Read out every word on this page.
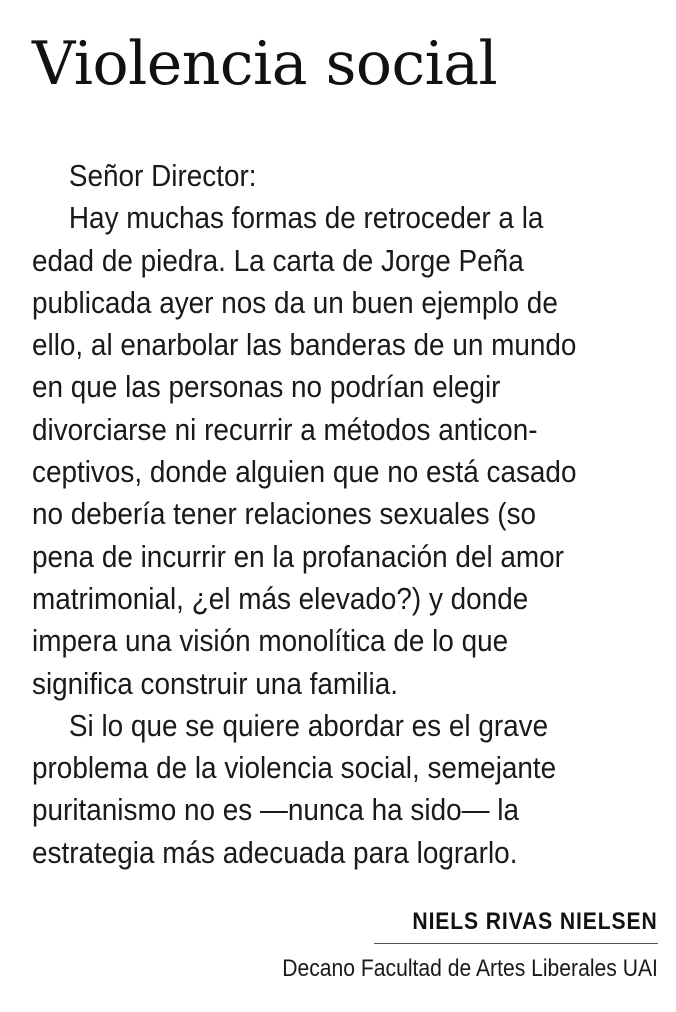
Violencia social
Señor Director:
Hay muchas formas de retroceder a la
edad de piedra. La carta de Jorge Peña
publicada ayer nos da un buen ejemplo de
ello, al enarbolar las banderas de un mundo
en que las personas no podrían elegir
divorciarse ni recurrir a métodos anticon-
ceptivos, donde alguien que no está casado
no debería tener relaciones sexuales (so
pena de incurrir en la profanación del amor
matrimonial, ¿el más elevado?) y donde
impera una visión monolítica de lo que
significa construir una familia.
Si lo que se quiere abordar es el grave
problema de la violencia social, semejante
puritanismo no es —nunca ha sido— la
estrategia más adecuada para lograrlo.

NIELS RIVAS NIELSEN

Decano Facultad de Artes Liberales UAI
